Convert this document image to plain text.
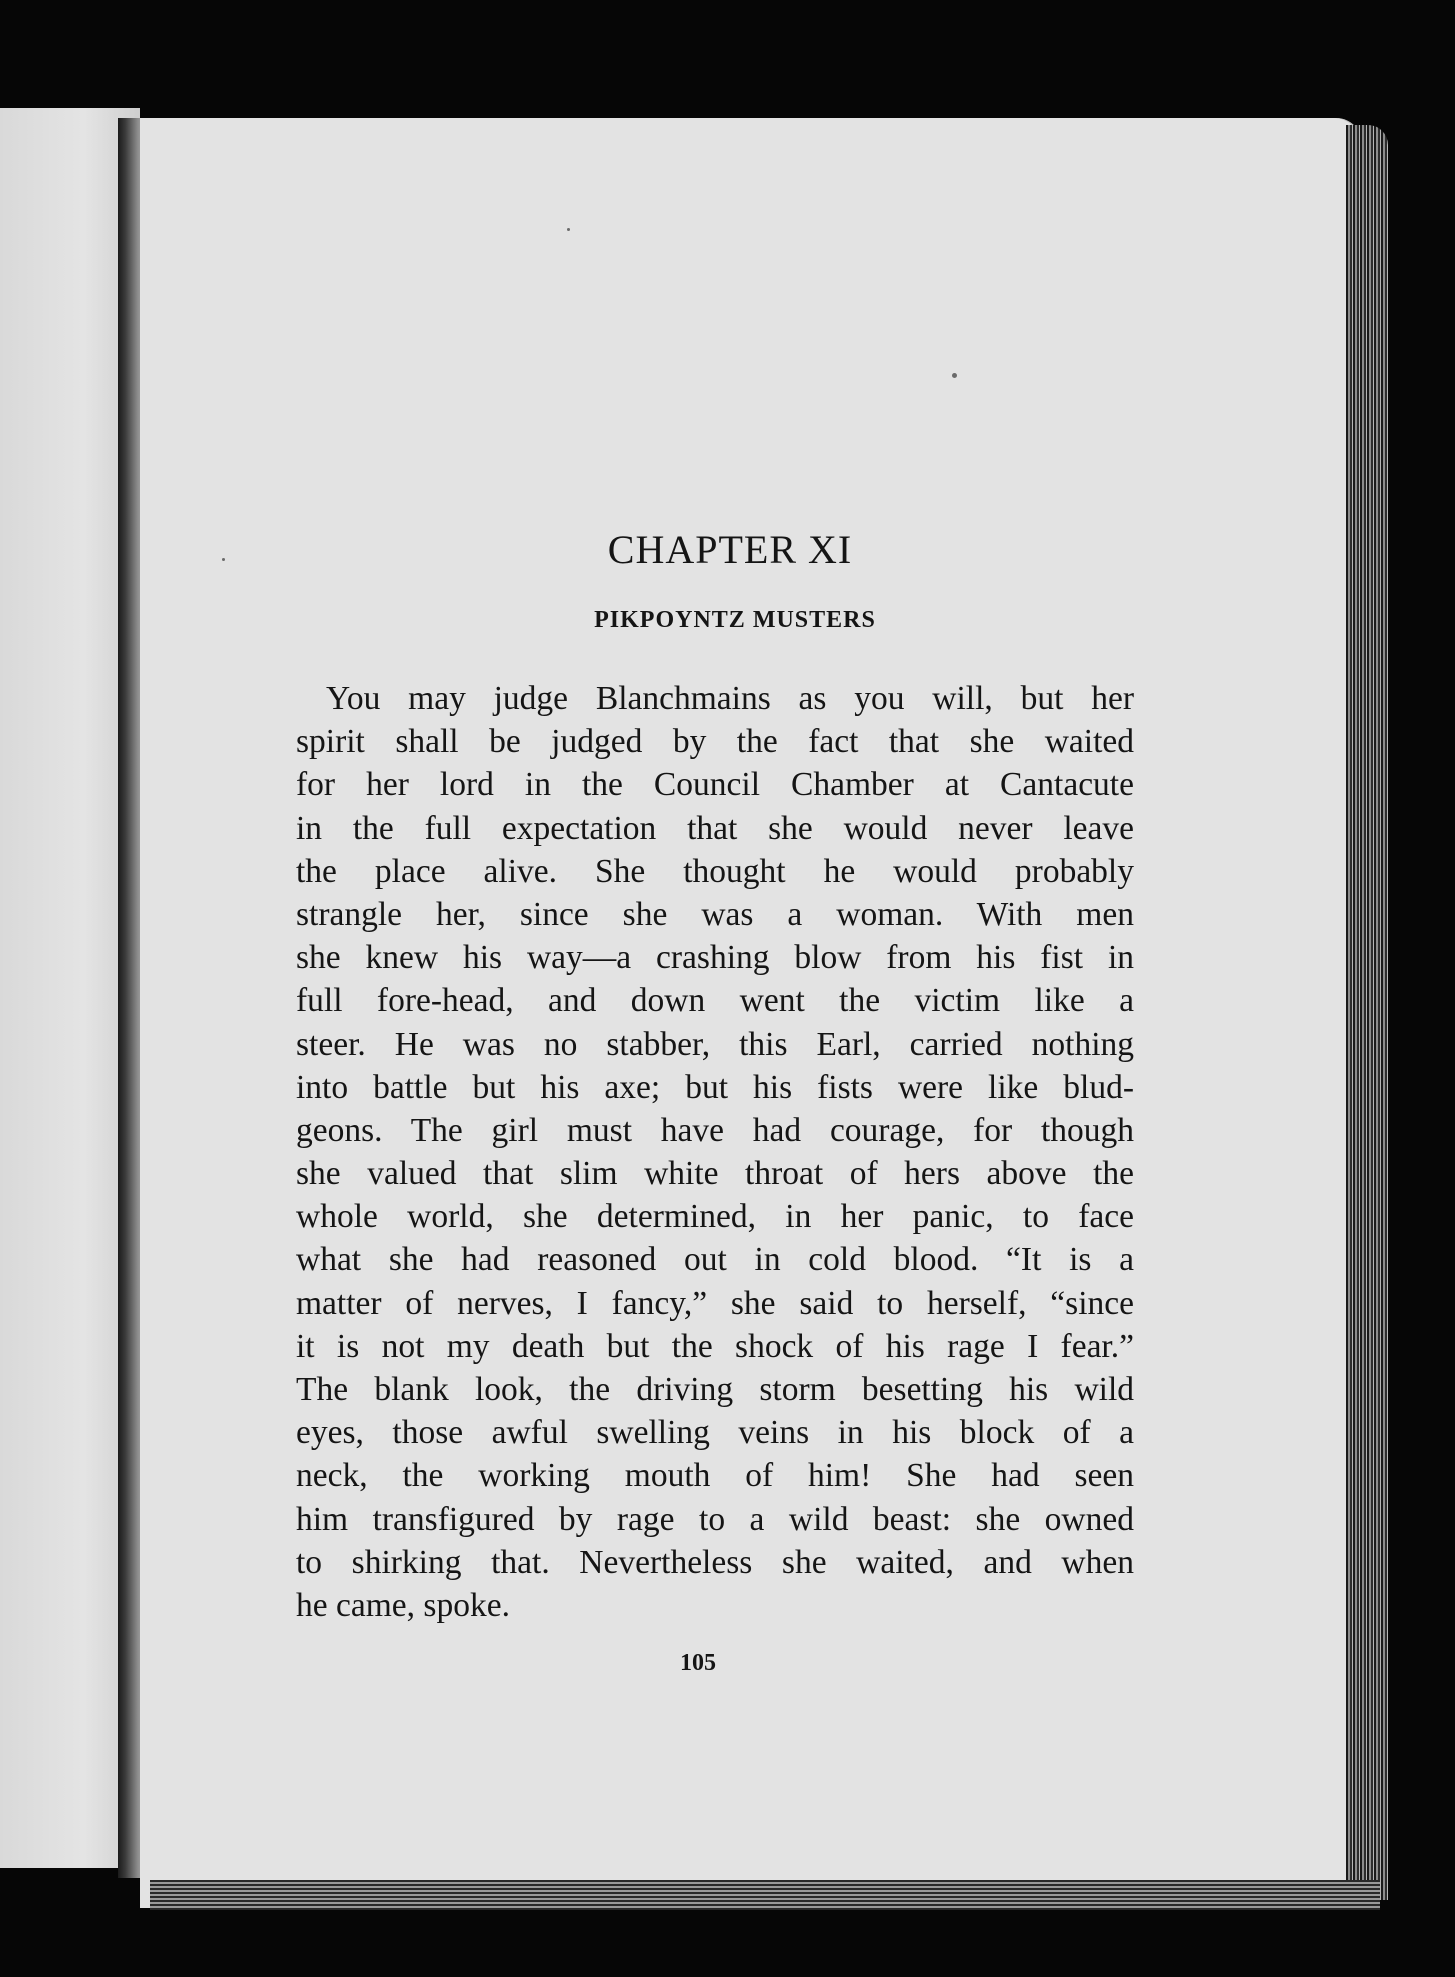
CHAPTER XI
PIKPOYNTZ MUSTERS
You may judge Blanchmains as you will, but her
spirit shall be judged by the fact that she waited
for her lord in the Council Chamber at Cantacute
in the full expectation that she would never leave
the place alive. She thought he would probably
strangle her, since she was a woman. With men
she knew his way—a crashing blow from his fist in
full fore-head, and down went the victim like a
steer. He was no stabber, this Earl, carried nothing
into battle but his axe; but his fists were like blud-
geons. The girl must have had courage, for though
she valued that slim white throat of hers above the
whole world, she determined, in her panic, to face
what she had reasoned out in cold blood. “It is a
matter of nerves, I fancy,” she said to herself, “since
it is not my death but the shock of his rage I fear.”
The blank look, the driving storm besetting his wild
eyes, those awful swelling veins in his block of a
neck, the working mouth of him! She had seen
him transfigured by rage to a wild beast: she owned
to shirking that. Nevertheless she waited, and when
he came, spoke.
105
